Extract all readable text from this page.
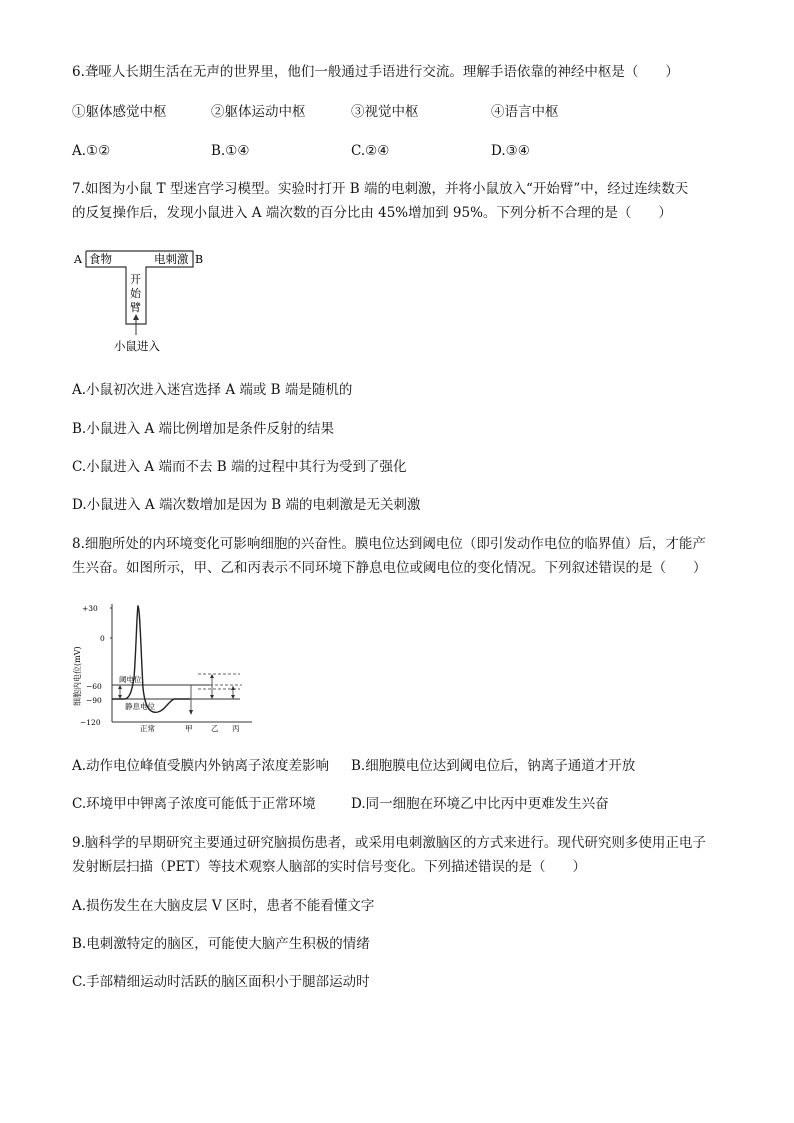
6.聋哑人长期生活在无声的世界里，他们一般通过手语进行交流。理解手语依靠的神经中枢是（　　）
①躯体感觉中枢	②躯体运动中枢	③视觉中枢	④语言中枢
A.①②	B.①④	C.②④	D.③④
7.如图为小鼠 T 型迷宫学习模型。实验时打开 B 端的电刺激，并将小鼠放入“开始臂”中，经过连续数天
的反复操作后，发现小鼠进入 A 端次数的百分比由 45%增加到 95%。下列分析不合理的是（　　）
A	B
食物	电刺激
开
始
臂
小鼠进入
A.小鼠初次进入迷宫选择 A 端或 B 端是随机的
B.小鼠进入 A 端比例增加是条件反射的结果
C.小鼠进入 A 端而不去 B 端的过程中其行为受到了强化
D.小鼠进入 A 端次数增加是因为 B 端的电刺激是无关刺激
8.细胞所处的内环境变化可影响细胞的兴奋性。膜电位达到阈电位（即引发动作电位的临界值）后，才能产
生兴奋。如图所示，甲、乙和丙表示不同环境下静息电位或阈电位的变化情况。下列叙述错误的是（　　）
+30
0
−60
−90
−120
细胞内电位(mV)	阈电位
静息电位
正常	甲 乙 丙
A.动作电位峰值受膜内外钠离子浓度差影响 B.细胞膜电位达到阈电位后，钠离子通道才开放
C.环境甲中钾离子浓度可能低于正常环境	D.同一细胞在环境乙中比丙中更难发生兴奋
9.脑科学的早期研究主要通过研究脑损伤患者，或采用电刺激脑区的方式来进行。现代研究则多使用正电子
发射断层扫描（PET）等技术观察人脑部的实时信号变化。下列描述错误的是（　　）
A.损伤发生在大脑皮层 V 区时，患者不能看懂文字
B.电刺激特定的脑区，可能使大脑产生积极的情绪
C.手部精细运动时活跃的脑区面积小于腿部运动时
